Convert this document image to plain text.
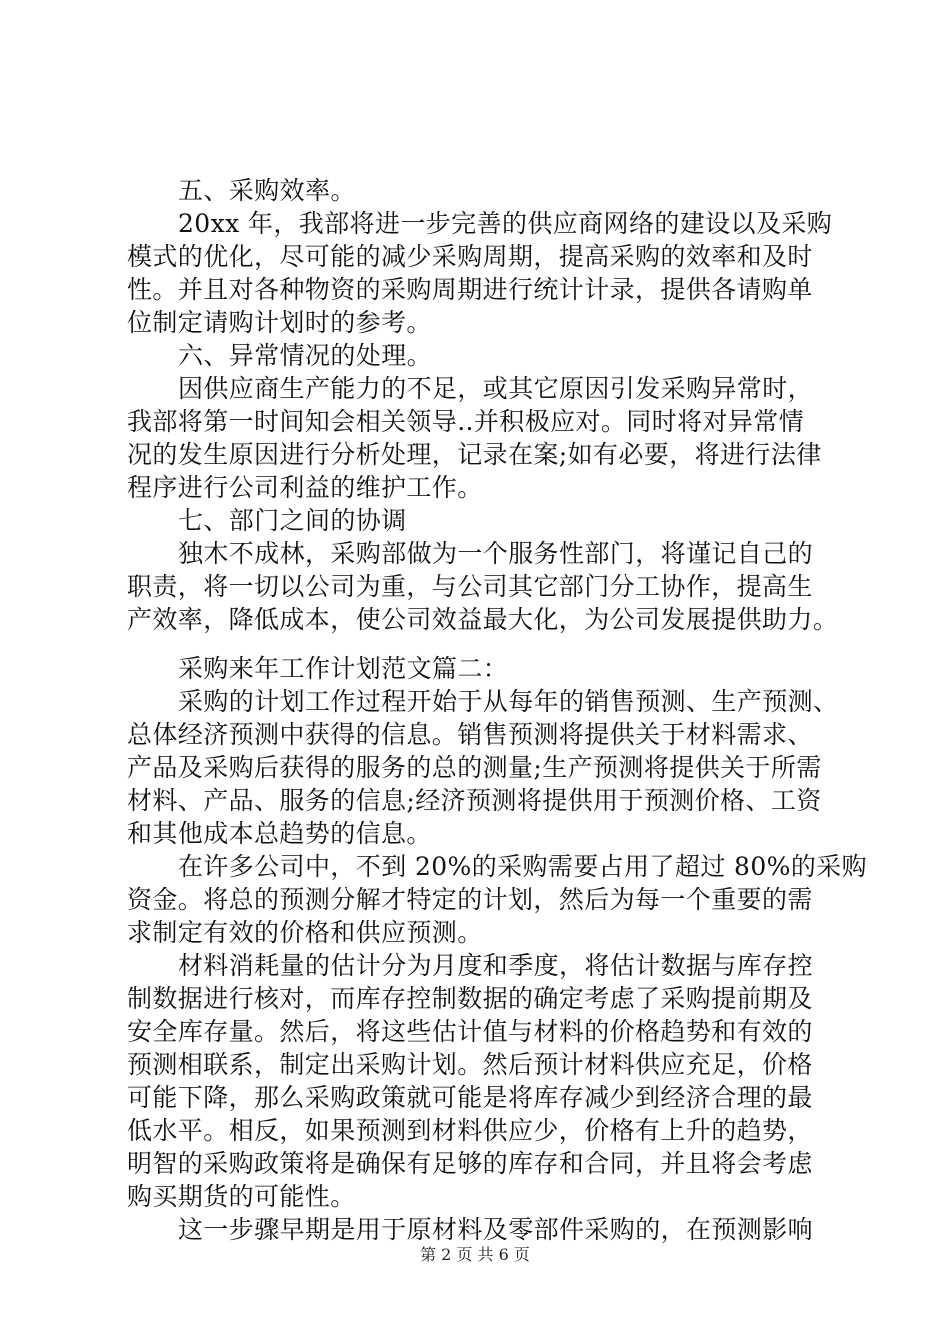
五、采购效率。
20xx 年，我部将进一步完善的供应商网络的建设以及采购
模式的优化，尽可能的减少采购周期，提高采购的效率和及时
性。并且对各种物资的采购周期进行统计计录，提供各请购单
位制定请购计划时的参考。
六、异常情况的处理。
因供应商生产能力的不足，或其它原因引发采购异常时，
我部将第一时间知会相关领导..并积极应对。同时将对异常情
况的发生原因进行分析处理，记录在案;如有必要，将进行法律
程序进行公司利益的维护工作。
七、部门之间的协调
独木不成林，采购部做为一个服务性部门，将谨记自己的
职责，将一切以公司为重，与公司其它部门分工协作，提高生
产效率，降低成本，使公司效益最大化，为公司发展提供助力。
采购来年工作计划范文篇二：
采购的计划工作过程开始于从每年的销售预测、生产预测、
总体经济预测中获得的信息。销售预测将提供关于材料需求、
产品及采购后获得的服务的总的测量;生产预测将提供关于所需
材料、产品、服务的信息;经济预测将提供用于预测价格、工资
和其他成本总趋势的信息。
在许多公司中，不到 20%的采购需要占用了超过 80%的采购
资金。将总的预测分解才特定的计划，然后为每一个重要的需
求制定有效的价格和供应预测。
材料消耗量的估计分为月度和季度，将估计数据与库存控
制数据进行核对，而库存控制数据的确定考虑了采购提前期及
安全库存量。然后，将这些估计值与材料的价格趋势和有效的
预测相联系，制定出采购计划。然后预计材料供应充足，价格
可能下降，那么采购政策就可能是将库存减少到经济合理的最
低水平。相反，如果预测到材料供应少，价格有上升的趋势，
明智的采购政策将是确保有足够的库存和合同，并且将会考虑
购买期货的可能性。
这一步骤早期是用于原材料及零部件采购的，在预测影响
第 2 页 共 6 页
